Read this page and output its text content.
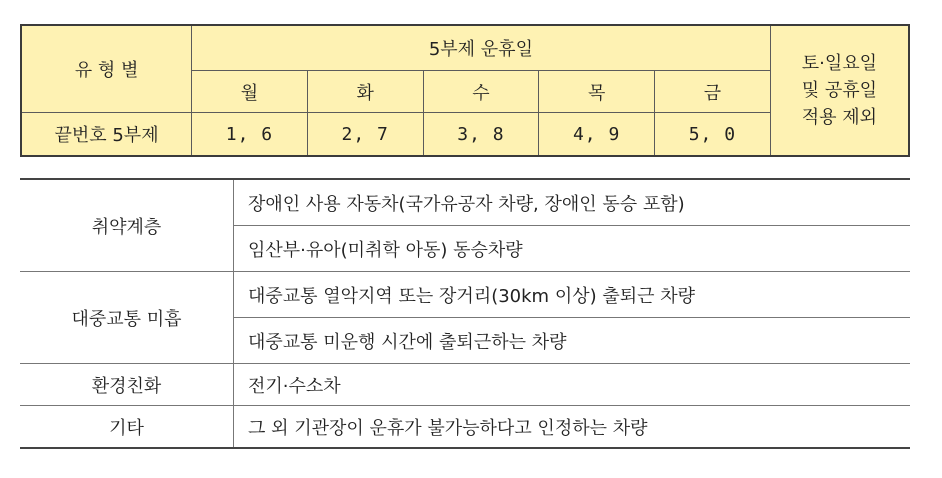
유 형 별	5부제 운휴일					토·일요일
및 공휴일
적용 제외

	월	화	수	목	금	
끝번호 5부제	1, 6	2, 7	3, 8	4, 9	5, 0	
취약계층	장애인 사용 자동차(국가유공자 차량, 장애인 동승 포함)
	임산부·유아(미취학 아동) 동승차량
대중교통 미흡	대중교통 열악지역 또는 장거리(30km 이상) 출퇴근 차량
	대중교통 미운행 시간에 출퇴근하는 차량
환경친화	전기·수소차
기타	그 외 기관장이 운휴가 불가능하다고 인정하는 차량
